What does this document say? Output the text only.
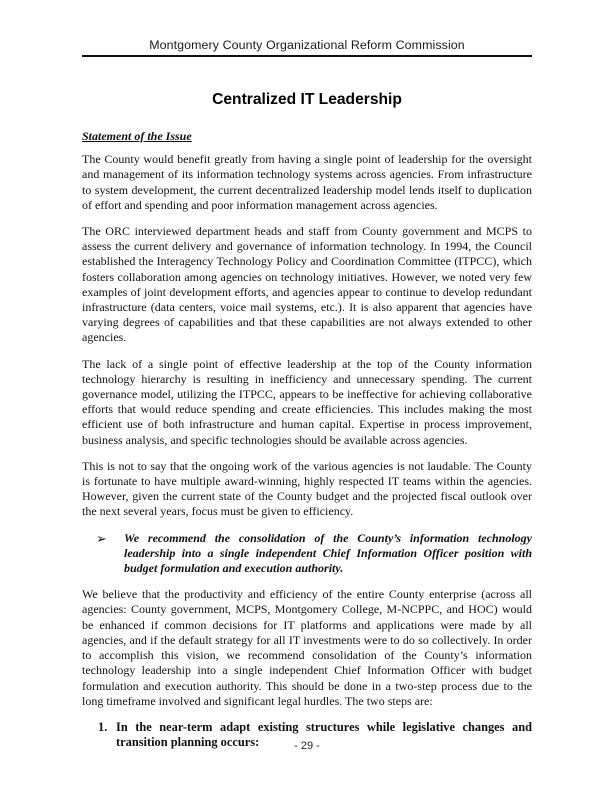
Montgomery County Organizational Reform Commission
Centralized IT Leadership
Statement of the Issue

The County would benefit greatly from having a single point of leadership for the oversight and management of its information technology systems across agencies. From infrastructure to system development, the current decentralized leadership model lends itself to duplication of effort and spending and poor information management across agencies.

The ORC interviewed department heads and staff from County government and MCPS to assess the current delivery and governance of information technology. In 1994, the Council established the Interagency Technology Policy and Coordination Committee (ITPCC), which fosters collaboration among agencies on technology initiatives. However, we noted very few examples of joint development efforts, and agencies appear to continue to develop redundant infrastructure (data centers, voice mail systems, etc.). It is also apparent that agencies have varying degrees of capabilities and that these capabilities are not always extended to other agencies.

The lack of a single point of effective leadership at the top of the County information technology hierarchy is resulting in inefficiency and unnecessary spending. The current governance model, utilizing the ITPCC, appears to be ineffective for achieving collaborative efforts that would reduce spending and create efficiencies. This includes making the most efficient use of both infrastructure and human capital. Expertise in process improvement, business analysis, and specific technologies should be available across agencies.

This is not to say that the ongoing work of the various agencies is not laudable. The County is fortunate to have multiple award-winning, highly respected IT teams within the agencies. However, given the current state of the County budget and the projected fiscal outlook over the next several years, focus must be given to efficiency.

➢	We recommend the consolidation of the County’s information technology leadership into a single independent Chief Information Officer position with budget formulation and execution authority.

We believe that the productivity and efficiency of the entire County enterprise (across all agencies: County government, MCPS, Montgomery College, M-NCPPC, and HOC) would be enhanced if common decisions for IT platforms and applications were made by all agencies, and if the default strategy for all IT investments were to do so collectively. In order to accomplish this vision, we recommend consolidation of the County’s information technology leadership into a single independent Chief Information Officer with budget formulation and execution authority. This should be done in a two-step process due to the long timeframe involved and significant legal hurdles. The two steps are:

1. In the near-term adapt existing structures while legislative changes and transition planning occurs:	- 29 -
